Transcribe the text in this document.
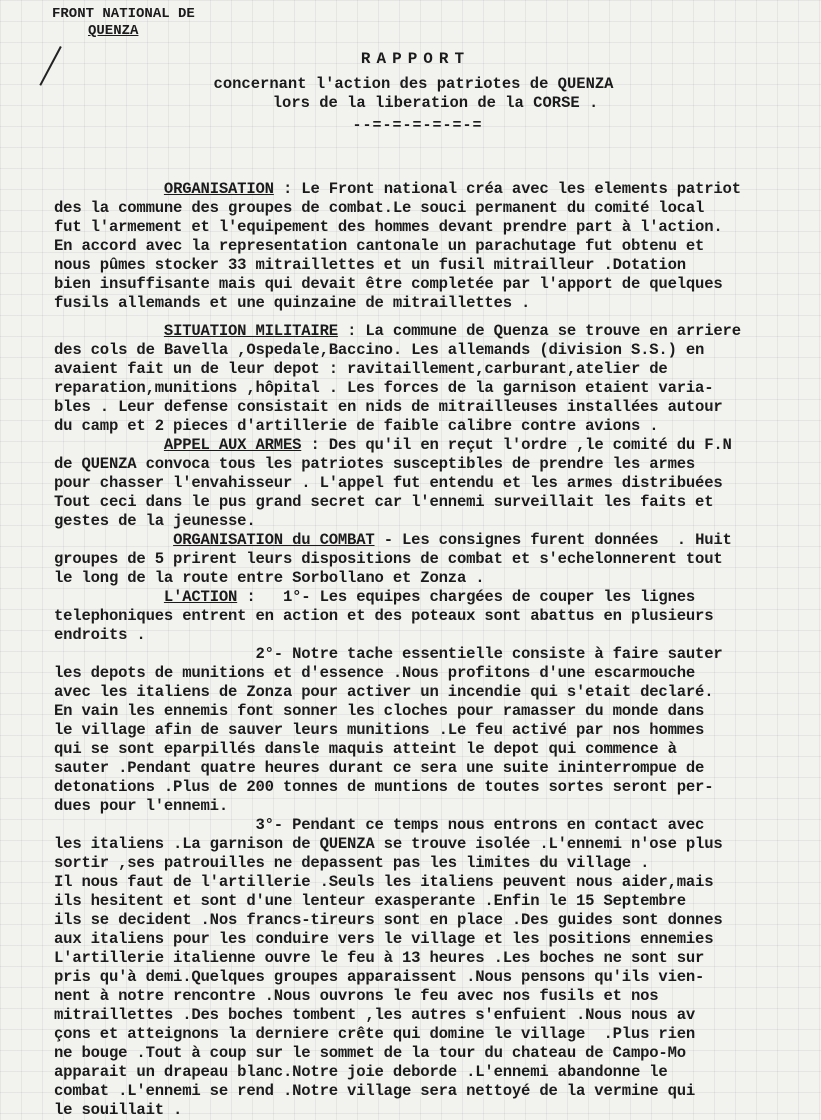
FRONT NATIONAL DE
QUENZA
RAPPORT
concernant l'action des patriotes de QUENZA
lors de la liberation de la CORSE .
--=-=-=-=-=-=
ORGANISATION : Le Front national créa avec les elements patriot
des la commune des groupes de combat.Le souci permanent du comité local
fut l'armement et l'equipement des hommes devant prendre part à l'action.
En accord avec la representation cantonale un parachutage fut obtenu et
nous pûmes stocker 33 mitraillettes et un fusil mitrailleur .Dotation
bien insuffisante mais qui devait être completée par l'apport de quelques
fusils allemands et une quinzaine de mitraillettes .
SITUATION MILITAIRE : La commune de Quenza se trouve en arriere
des cols de Bavella ,Ospedale,Baccino. Les allemands (division S.S.) en
avaient fait un de leur depot : ravitaillement,carburant,atelier de
reparation,munitions ,hôpital . Les forces de la garnison etaient varia-
bles . Leur defense consistait en nids de mitrailleuses installées autour
du camp et 2 pieces d'artillerie de faible calibre contre avions .
APPEL AUX ARMES : Des qu'il en reçut l'ordre ,le comité du F.N
de QUENZA convoca tous les patriotes susceptibles de prendre les armes
pour chasser l'envahisseur . L'appel fut entendu et les armes distribuées
Tout ceci dans le pus grand secret car l'ennemi surveillait les faits et
gestes de la jeunesse.
ORGANISATION du COMBAT - Les consignes furent données  . Huit
groupes de 5 prirent leurs dispositions de combat et s'echelonnerent tout
le long de la route entre Sorbollano et Zonza .
L'ACTION :   1°- Les equipes chargées de couper les lignes
telephoniques entrent en action et des poteaux sont abattus en plusieurs
endroits .
2°- Notre tache essentielle consiste à faire sauter
les depots de munitions et d'essence .Nous profitons d'une escarmouche
avec les italiens de Zonza pour activer un incendie qui s'etait declaré.
En vain les ennemis font sonner les cloches pour ramasser du monde dans
le village afin de sauver leurs munitions .Le feu activé par nos hommes
qui se sont eparpillés dansle maquis atteint le depot qui commence à
sauter .Pendant quatre heures durant ce sera une suite ininterrompue de
detonations .Plus de 200 tonnes de muntions de toutes sortes seront per-
dues pour l'ennemi.
3°- Pendant ce temps nous entrons en contact avec
les italiens .La garnison de QUENZA se trouve isolée .L'ennemi n'ose plus
sortir ,ses patrouilles ne depassent pas les limites du village .
Il nous faut de l'artillerie .Seuls les italiens peuvent nous aider,mais
ils hesitent et sont d'une lenteur exasperante .Enfin le 15 Septembre
ils se decident .Nos francs-tireurs sont en place .Des guides sont donnes
aux italiens pour les conduire vers le village et les positions ennemies
L'artillerie italienne ouvre le feu à 13 heures .Les boches ne sont sur
pris qu'à demi.Quelques groupes apparaissent .Nous pensons qu'ils vien-
nent à notre rencontre .Nous ouvrons le feu avec nos fusils et nos
mitraillettes .Des boches tombent ,les autres s'enfuient .Nous nous av
çons et atteignons la derniere crête qui domine le village  .Plus rien
ne bouge .Tout à coup sur le sommet de la tour du chateau de Campo-Mo
apparait un drapeau blanc.Notre joie deborde .L'ennemi abandonne le
combat .L'ennemi se rend .Notre village sera nettoyé de la vermine qui
le souillait .
